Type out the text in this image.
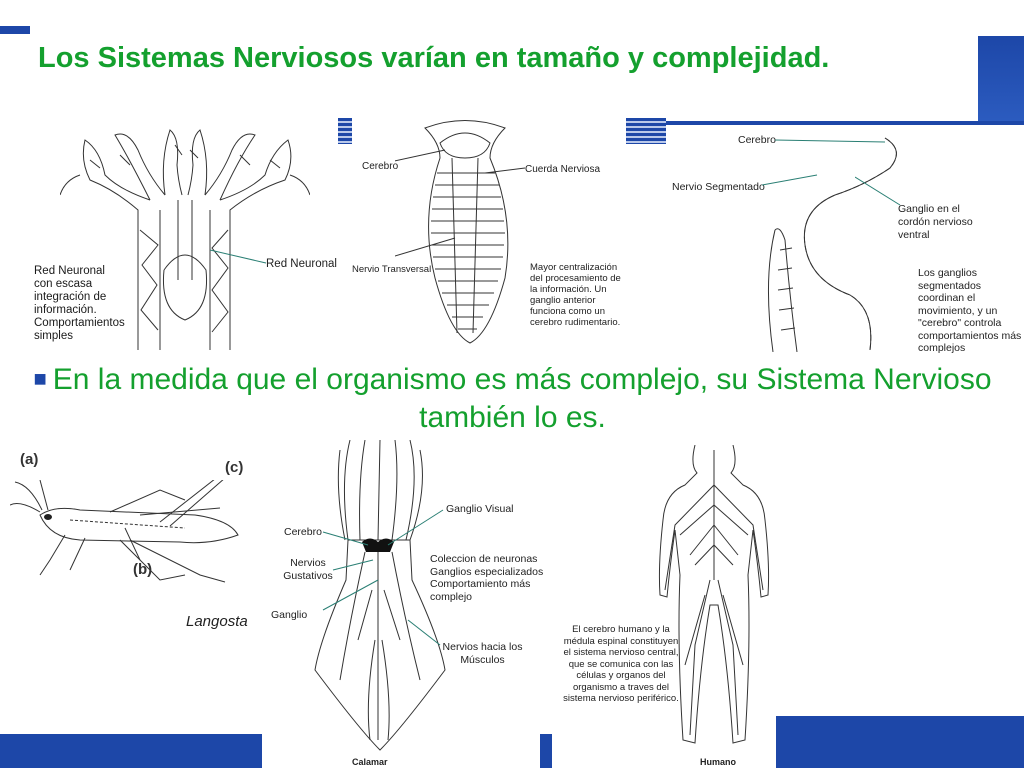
Los Sistemas Nerviosos varían en tamaño y complejidad.
Red Neuronal
Red Neuronal con escasa integración de información. Comportamientos simples
Cerebro	Cuerda Nerviosa
Nervio Transversal	Mayor centralización del procesamiento de la información. Un ganglio anterior funciona como un cerebro rudimentario.
Cerebro
Nervio Segmentado
Ganglio en el cordón nervioso ventral
Los ganglios segmentados coordinan el movimiento, y un "cerebro" controla comportamientos más complejos
■ En la medida que el organismo es más complejo, su Sistema Nervioso también lo es.
(a)
(b)
(c)
Langosta
Ganglio Visual
Cerebro
Nervios Gustativos
Ganglio
Coleccion de neuronas Ganglios especializados Comportamiento más complejo
Nervios hacia los Músculos
Calamar
El cerebro humano y la médula espinal constituyen el sistema nervioso central, que se comunica con las células y organos del organismo a traves del sistema nervioso periférico.
Humano
